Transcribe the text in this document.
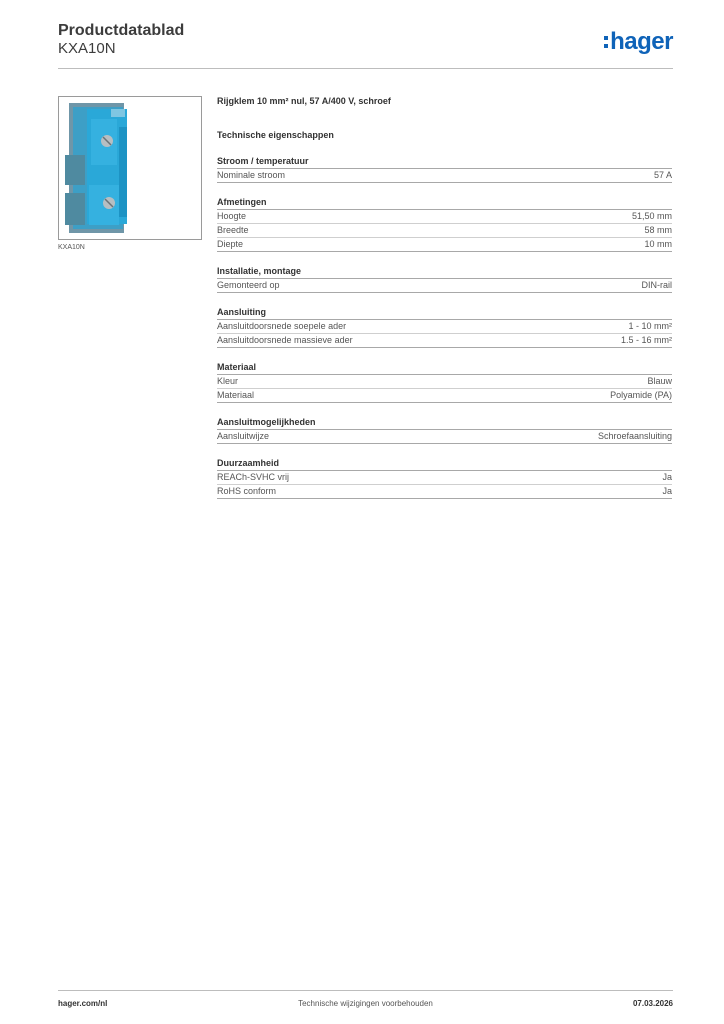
Productdatablad
KXA10N	hager
KXA10N
Rijgklem 10 mm² nul, 57 A/400 V, schroef
Technische eigenschappen
Stroom / temperatuur
Nominale stroom	57 A
Afmetingen
Hoogte	51,50 mm
Breedte	58 mm
Diepte	10 mm
Installatie, montage
Gemonteerd op	DIN-rail
Aansluiting
Aansluitdoorsnede soepele ader	1 - 10 mm²
Aansluitdoorsnede massieve ader	1.5 - 16 mm²
Materiaal
Kleur	Blauw
Materiaal	Polyamide (PA)
Aansluitmogelijkheden
Aansluitwijze	Schroefaansluiting
Duurzaamheid
REACh-SVHC vrij	Ja
RoHS conform	Ja
hager.com/nl	Technische wijzigingen voorbehouden	07.03.2026
